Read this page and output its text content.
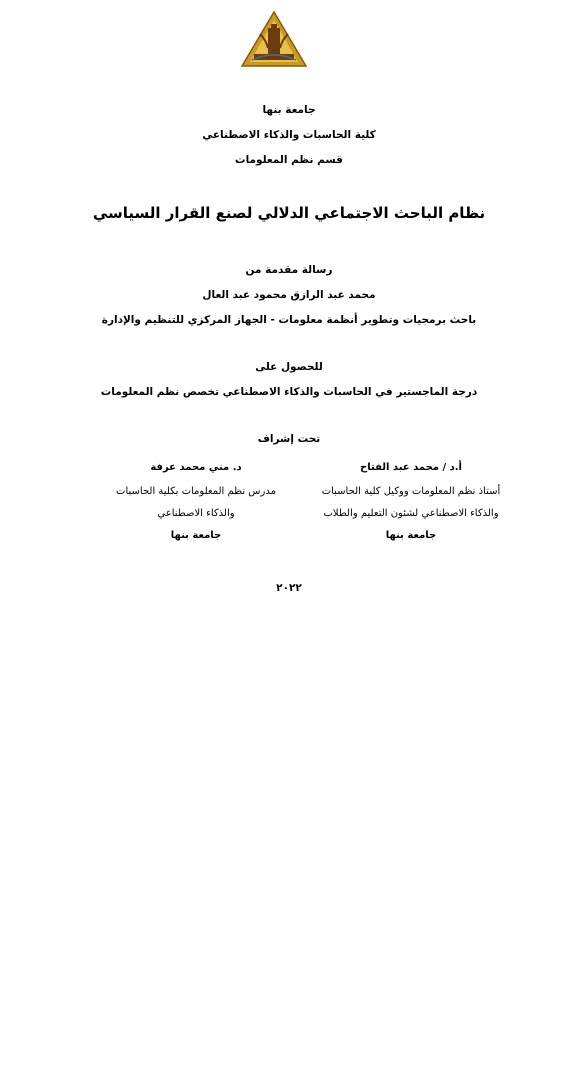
جامعة بنها
كلية الحاسبات والذكاء الاصطناعي
قسم نظم المعلومات
نظام الباحث الاجتماعي الدلالي لصنع القرار السياسي
رسالة مقدمة من
محمد عبد الرازق محمود عبد العال
باحث برمجيات وتطوير أنظمة معلومات - الجهاز المركزي للتنظيم والإدارة
للحصول على
درجة الماجستير في الحاسبات والذكاء الاصطناعي تخصص نظم المعلومات
تحت إشراف
أ.د / محمد عبد الفتاح
أستاذ نظم المعلومات ووكيل كلية الحاسبات
والذكاء الاصطناعي لشئون التعليم والطلاب
جامعة بنها
د. مني محمد عرفة
مدرس نظم المعلومات بكلية الحاسبات
والذكاء الاصطناعي
جامعة بنها
٢٠٢٢
